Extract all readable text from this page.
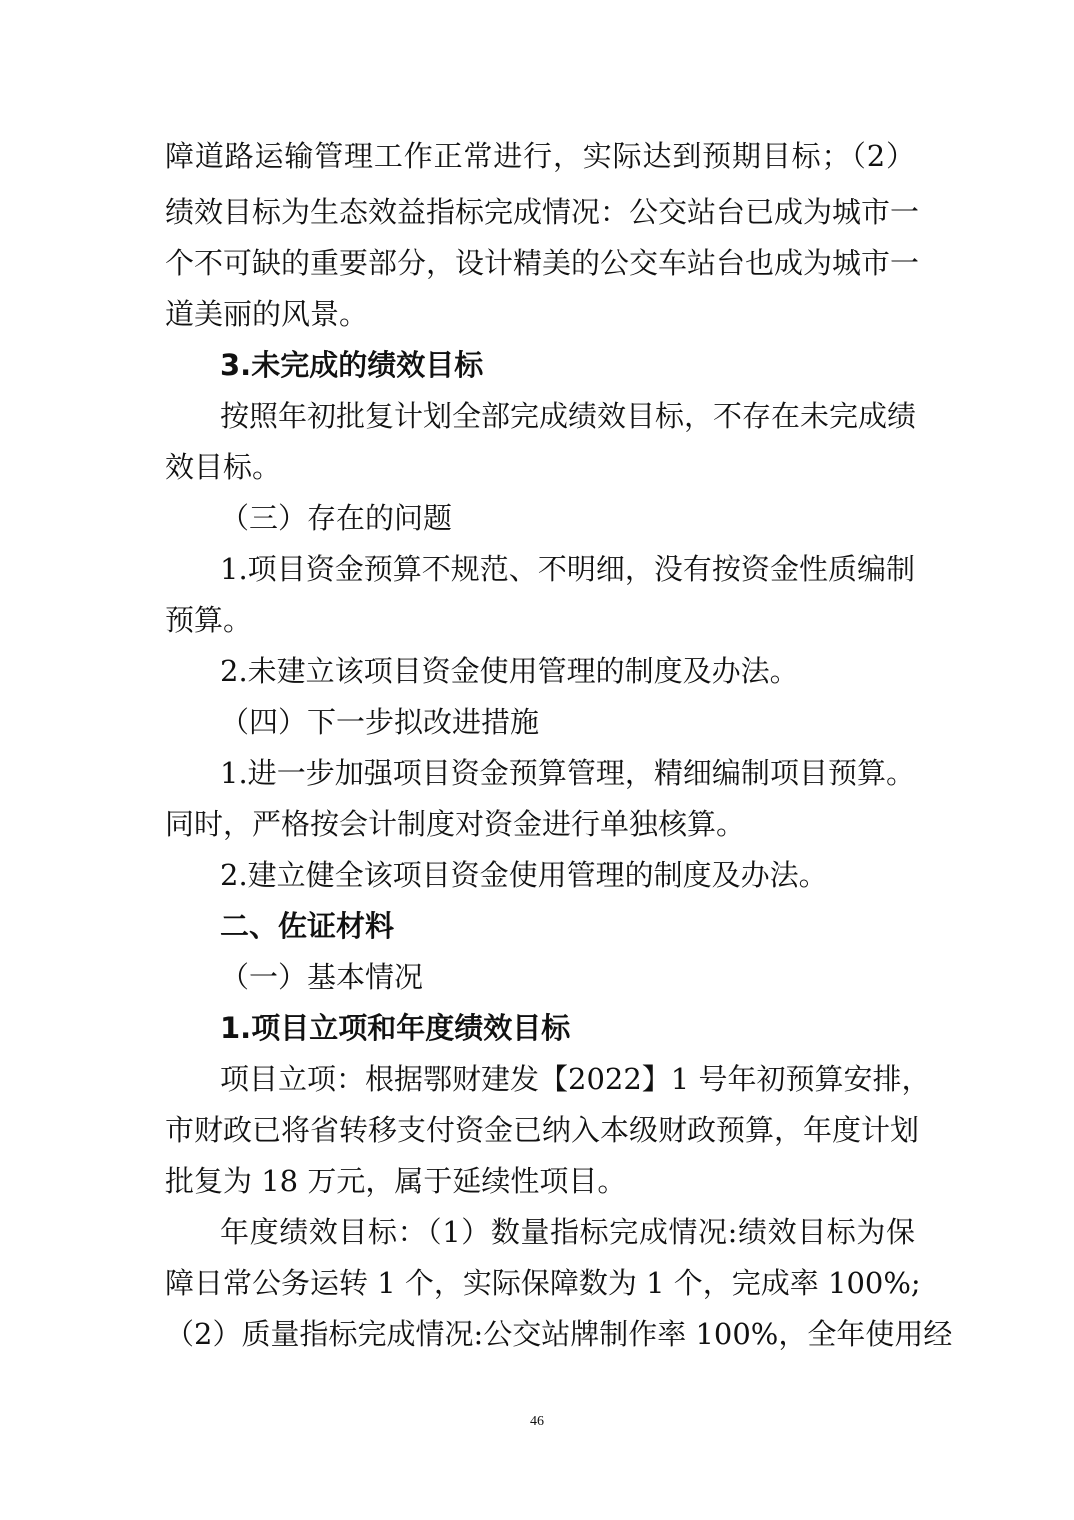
障道路运输管理工作正常进行，实际达到预期目标；（2）
绩效目标为生态效益指标完成情况：公交站台已成为城市一
个不可缺的重要部分，设计精美的公交车站台也成为城市一
道美丽的风景。
3.未完成的绩效目标
按照年初批复计划全部完成绩效目标，不存在未完成绩
效目标。
（三）存在的问题
1.项目资金预算不规范、不明细，没有按资金性质编制
预算。
2.未建立该项目资金使用管理的制度及办法。
（四）下一步拟改进措施
1.进一步加强项目资金预算管理，精细编制项目预算。
同时，严格按会计制度对资金进行单独核算。
2.建立健全该项目资金使用管理的制度及办法。
二、佐证材料
（一）基本情况
1.项目立项和年度绩效目标
项目立项：根据鄂财建发【2022】1 号年初预算安排，
市财政已将省转移支付资金已纳入本级财政预算，年度计划
批复为 18 万元，属于延续性项目。
年度绩效目标：（1）数量指标完成情况:绩效目标为保
障日常公务运转 1 个，实际保障数为 1 个，完成率 100%;
（2）质量指标完成情况:公交站牌制作率 100%，全年使用经
46
